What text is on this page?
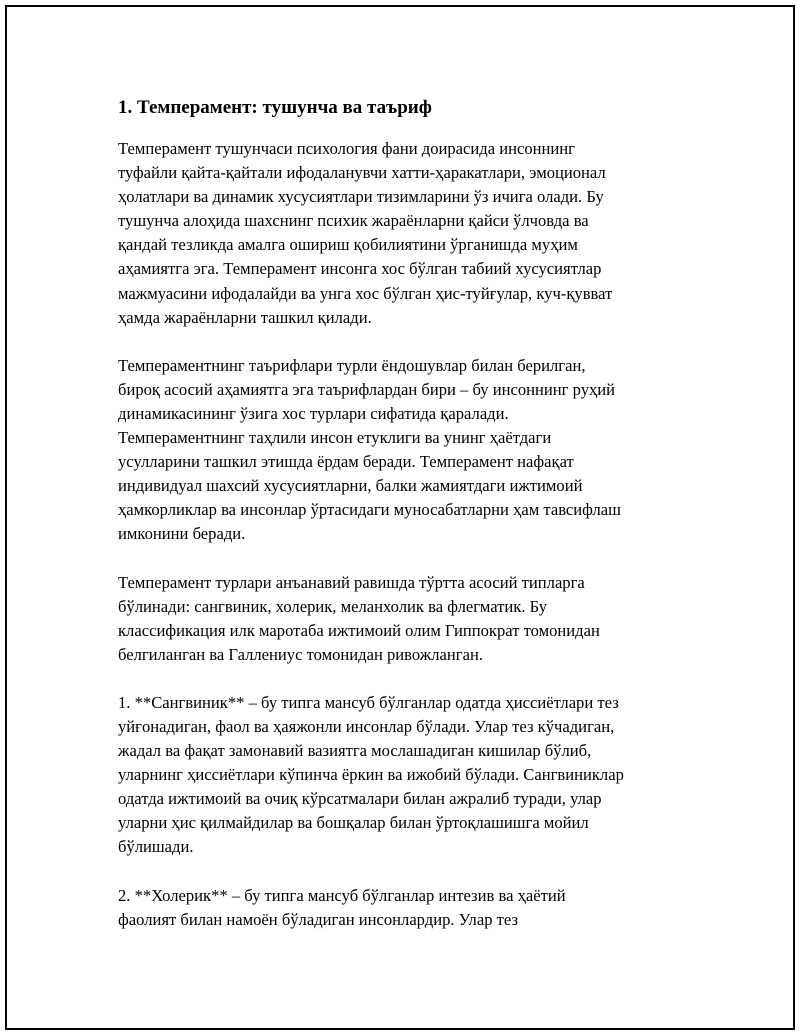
1. Темперамент: тушунча ва таъриф
Темперамент тушунчаси психология фани доирасида инсоннинг
туфайли қайта-қайтали ифодаланувчи хатти-ҳаракатлари, эмоционал
ҳолатлари ва динамик хусусиятлари тизимларини ўз ичига олади. Бу
тушунча алоҳида шахснинг психик жараёнларни қайси ўлчовда ва
қандай тезликда амалга ошириш қобилиятини ўрганишда муҳим
аҳамиятга эга. Темперамент инсонга хос бўлган табиий хусусиятлар
мажмуасини ифодалайди ва унга хос бўлган ҳис-туйғулар, куч-қувват
ҳамда жараёнларни ташкил қилади.
Темпераментнинг таърифлари турли ёндошувлар билан берилган,
бироқ асосий аҳамиятга эга таърифлардан бири – бу инсоннинг руҳий
динамикасининг ўзига хос турлари сифатида қаралади.
Темпераментнинг таҳлили инсон етуклиги ва унинг ҳаётдаги
усулларини ташкил этишда ёрдам беради. Темперамент нафақат
индивидуал шахсий хусусиятларни, балки жамиятдаги ижтимоий
ҳамкорликлар ва инсонлар ўртасидаги муносабатларни ҳам тавсифлаш
имконини беради.
Темперамент турлари анъанавий равишда тўртта асосий типларга
бўлинади: сангвиник, холерик, меланхолик ва флегматик. Бу
классификация илк маротаба ижтимоий олим Гиппократ томонидан
белгиланган ва Галлениус томонидан ривожланган.
1. **Сангвиник** – бу типга мансуб бўлганлар одатда ҳиссиётлари тез
уйғонадиган, фаол ва ҳаяжонли инсонлар бўлади. Улар тез кўчадиган,
жадал ва фақат замонавий вазиятга мослашадиган кишилар бўлиб,
уларнинг ҳиссиётлари кўпинча ёркин ва ижобий бўлади. Сангвиниклар
одатда ижтимоий ва очиқ кўрсатмалари билан ажралиб туради, улар
уларни ҳис қилмайдилар ва бошқалар билан ўртоқлашишга мойил
бўлишади.
2. **Холерик** – бу типга мансуб бўлганлар интезив ва ҳаётий
фаолият билан намоён бўладиган инсонлардир. Улар тез
